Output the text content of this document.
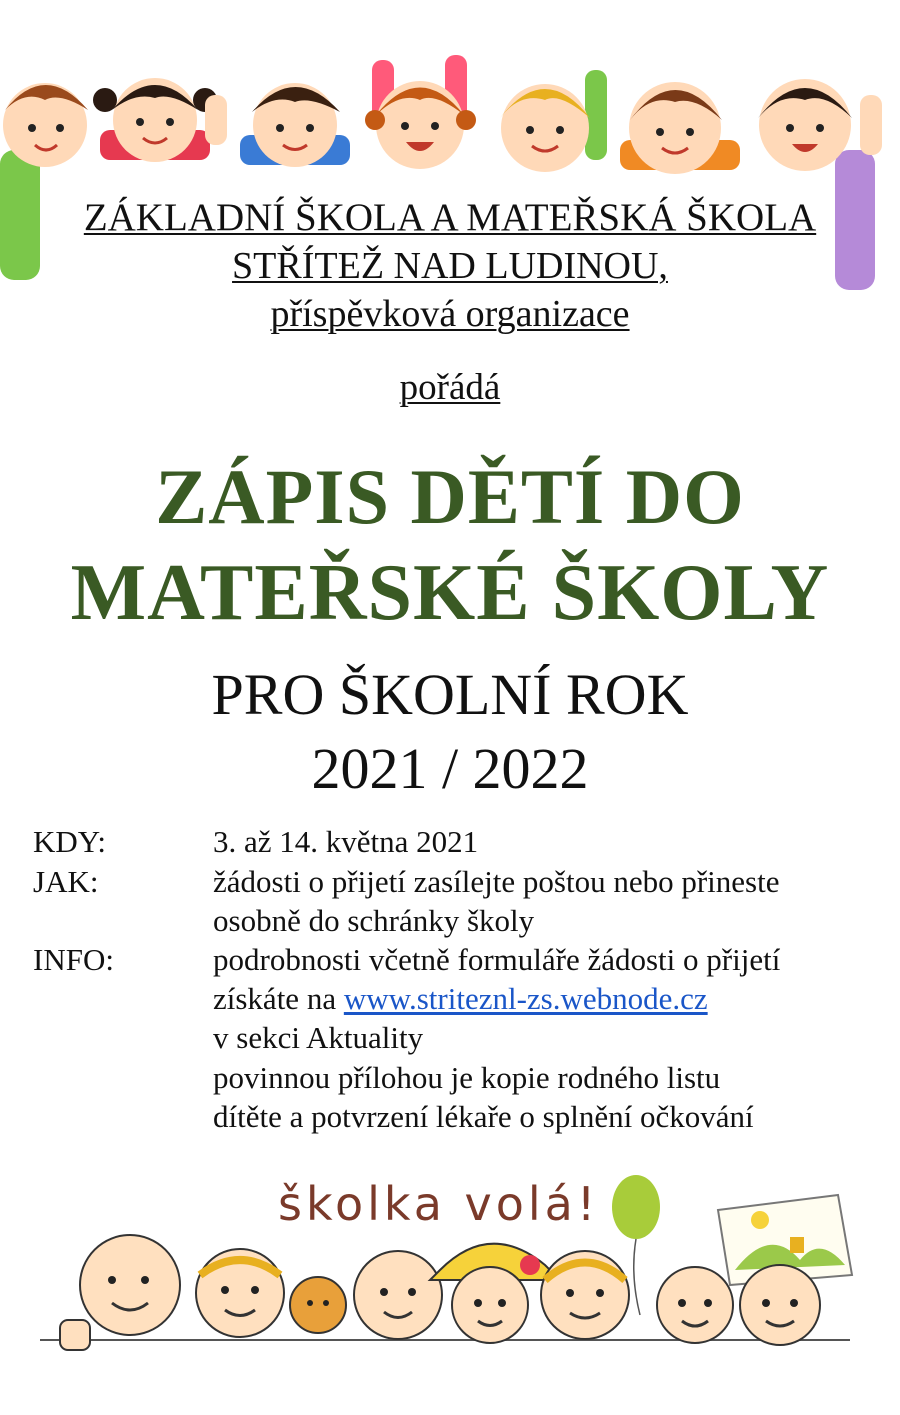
ZÁKLADNÍ ŠKOLA A MATEŘSKÁ ŠKOLA
STŘÍTEŽ NAD LUDINOU,
příspěvková organizace
pořádá
ZÁPIS DĚTÍ DO
MATEŘSKÉ ŠKOLY
PRO ŠKOLNÍ ROK
2021 / 2022
KDY:	3. až 14. května 2021
JAK:	žádosti o přijetí zasílejte poštou nebo přineste
osobně do schránky školy
INFO:	podrobnosti včetně formuláře žádosti o přijetí
získáte na www.striteznl-zs.webnode.cz
v sekci Aktuality
povinnou přílohou je kopie rodného listu
dítěte a potvrzení lékaře o splnění očkování
školka volá!
